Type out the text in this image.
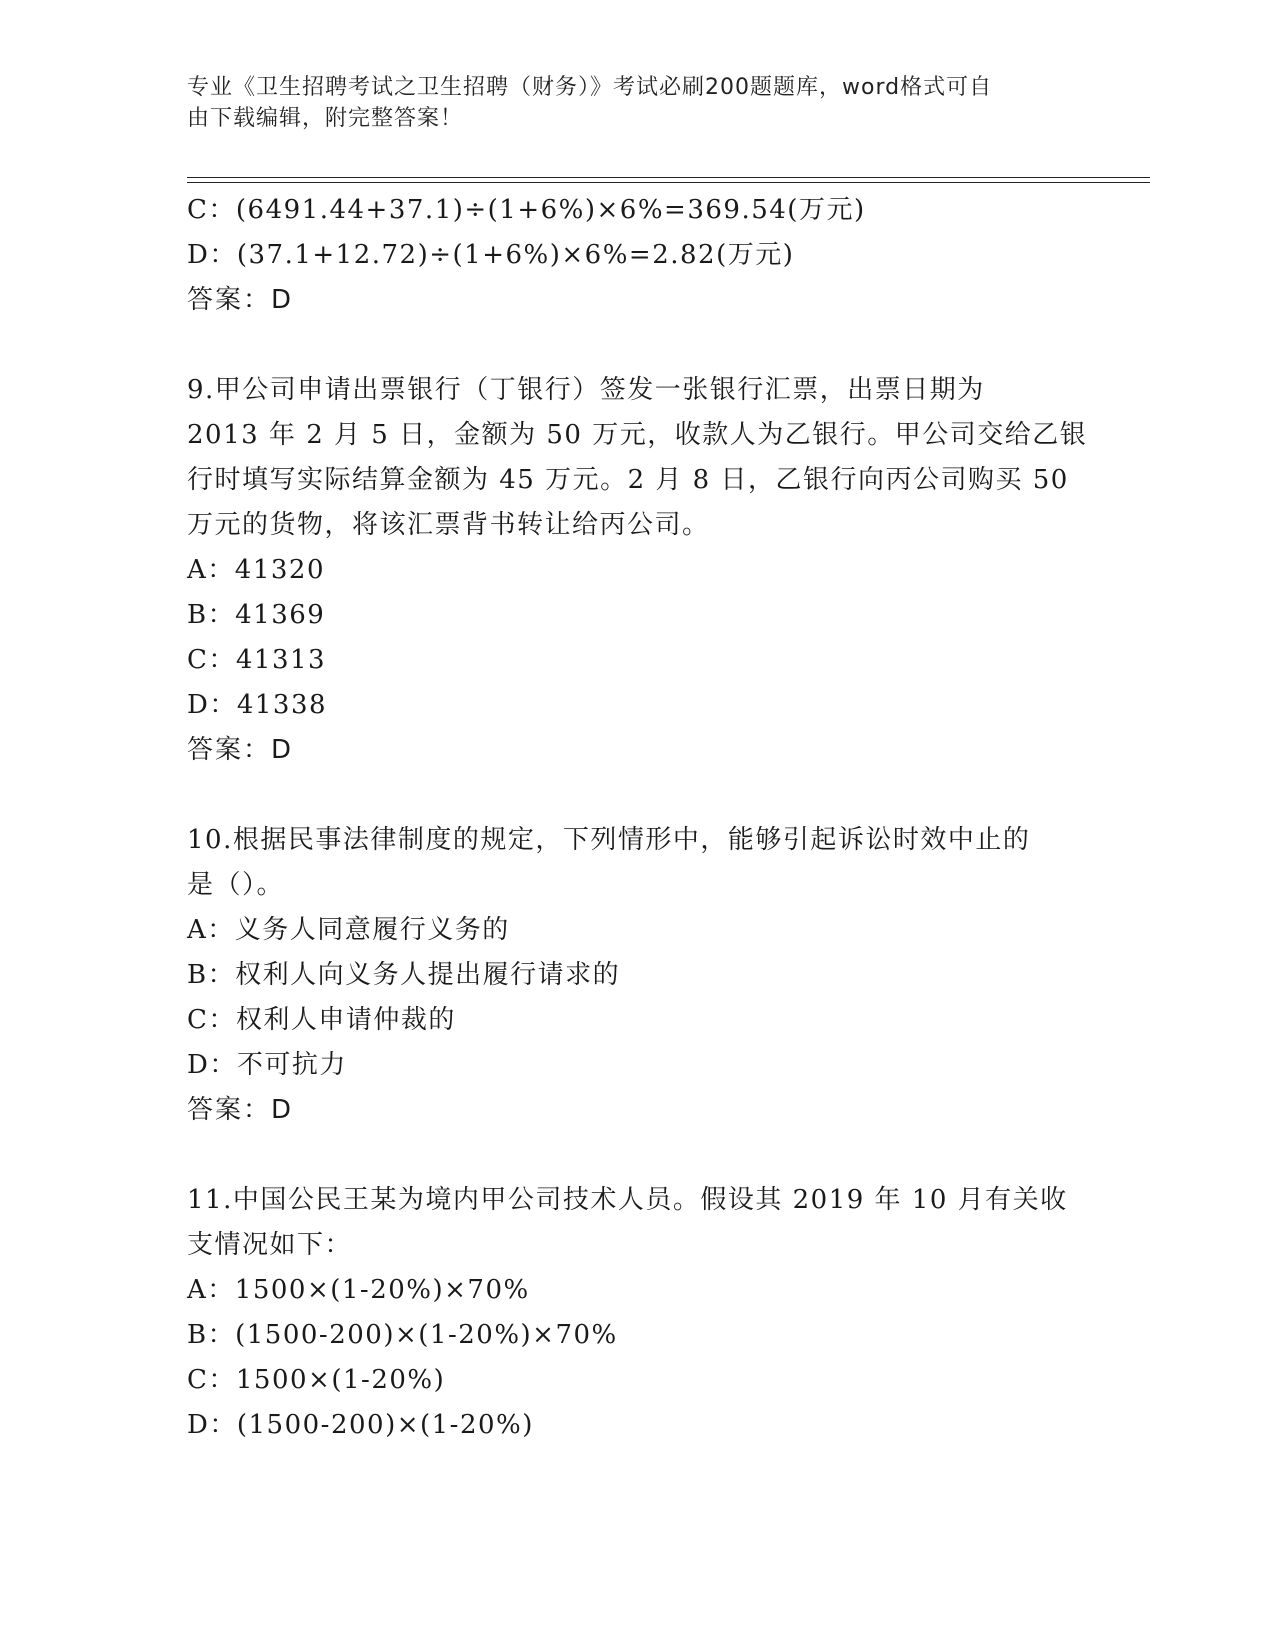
专业《卫生招聘考试之卫生招聘（财务）》考试必刷200题题库，word格式可自
由下载编辑，附完整答案！
C：(6491.44+37.1)÷(1+6%)×6%=369.54(万元)
D：(37.1+12.72)÷(1+6%)×6%=2.82(万元)
答案：D
9.甲公司申请出票银行（丁银行）签发一张银行汇票，出票日期为
2013 年 2 月 5 日，金额为 50 万元，收款人为乙银行。甲公司交给乙银
行时填写实际结算金额为 45 万元。2 月 8 日，乙银行向丙公司购买 50
万元的货物，将该汇票背书转让给丙公司。
A：41320
B：41369
C：41313
D：41338
答案：D
10.根据民事法律制度的规定，下列情形中，能够引起诉讼时效中止的
是（）。
A：义务人同意履行义务的
B：权利人向义务人提出履行请求的
C：权利人申请仲裁的
D：不可抗力
答案：D
11.中国公民王某为境内甲公司技术人员。假设其 2019 年 10 月有关收
支情况如下：
A：1500×(1-20%)×70%
B：(1500-200)×(1-20%)×70%
C：1500×(1-20%)
D：(1500-200)×(1-20%)
